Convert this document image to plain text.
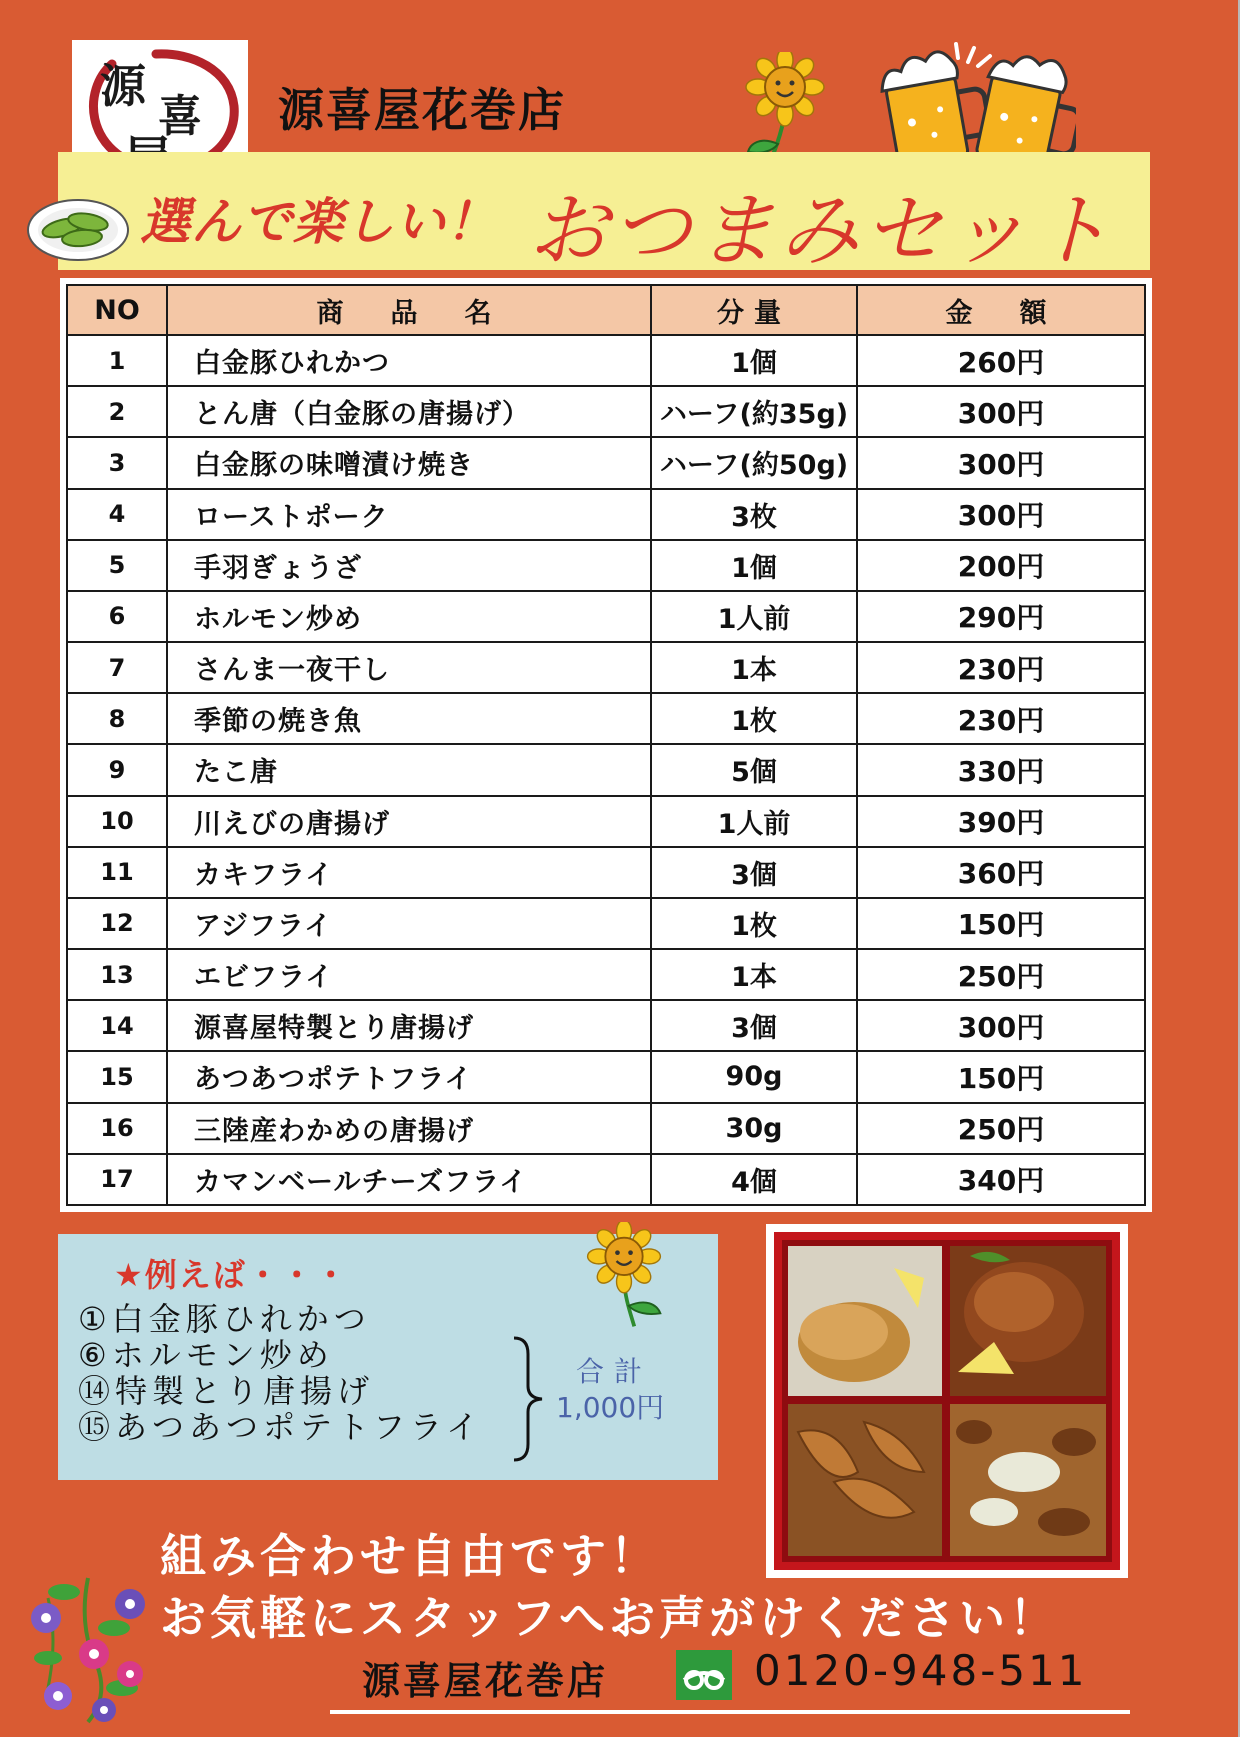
源
喜 源喜屋花巻店
選んで楽しい！ おつまみセット
NO	商　品　名	分量	金　額
1	白金豚ひれかつ	1個	260円
2	とん唐（白金豚の唐揚げ）	ハーフ(約35g)	300円
3	白金豚の味噌漬け焼き	ハーフ(約50g)	300円
4	ローストポーク	3枚	300円
5	手羽ぎょうざ	1個	200円
6	ホルモン炒め	1人前	290円
7	さんま一夜干し	1本	230円
8	季節の焼き魚	1枚	230円
9	たこ唐	5個	330円
10	川えびの唐揚げ	1人前	390円
11	カキフライ	3個	360円
12	アジフライ	1枚	150円
13	エビフライ	1本	250円
14	源喜屋特製とり唐揚げ	3個	300円
15	あつあつポテトフライ	90g	150円
16	三陸産わかめの唐揚げ	30g	250円
17	カマンベールチーズフライ	4個	340円
★例えば・・・
①白金豚ひれかつ
⑥ホルモン炒め
⑭特製とり唐揚げ
⑮あつあつポテトフライ
合計
1,000円
組み合わせ自由です！
お気軽にスタッフへお声がけください！
源喜屋花巻店	0120-948-511
